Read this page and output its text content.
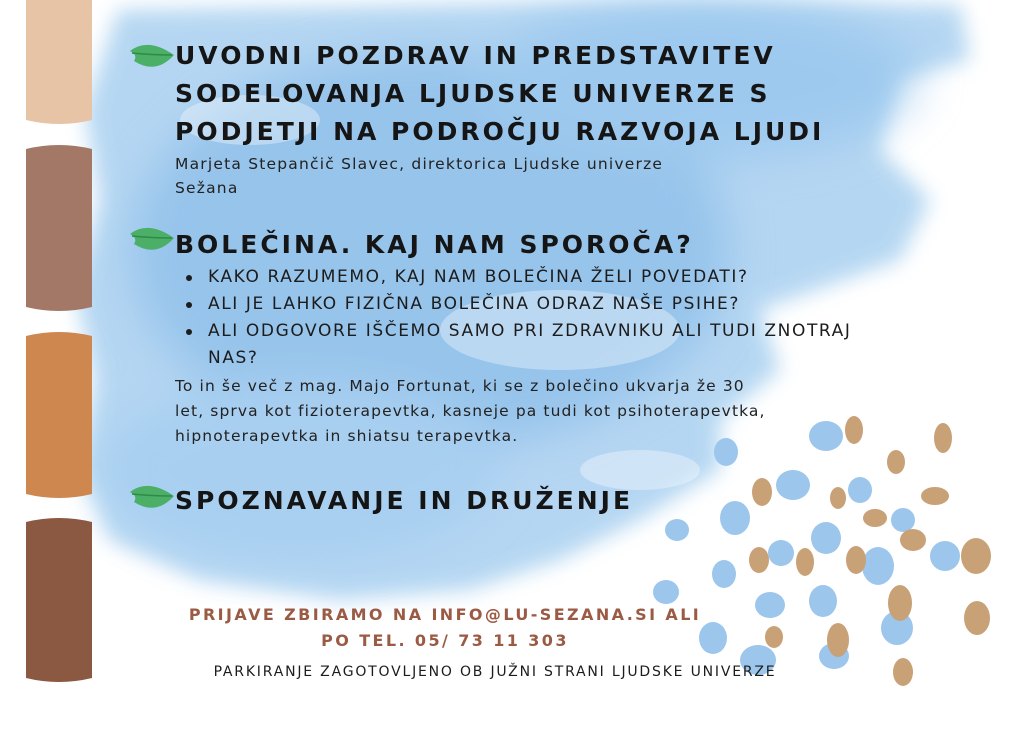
UVODNI POZDRAV IN PREDSTAVITEV
SODELOVANJA LJUDSKE UNIVERZE S
PODJETJI NA PODROČJU RAZVOJA LJUDI

Marjeta Stepančič Slavec, direktorica Ljudske univerze
Sežana

BOLEČINA. KAJ NAM SPOROČA?
KAKO RAZUMEMO, KAJ NAM BOLEČINA ŽELI POVEDATI?
ALI JE LAHKO FIZIČNA BOLEČINA ODRAZ NAŠE PSIHE?
ALI ODGOVORE IŠČEMO SAMO PRI ZDRAVNIKU ALI TUDI ZNOTRAJ NAS?

To in še več z mag. Majo Fortunat, ki se z bolečino ukvarja že 30
let, sprva kot fizioterapevtka, kasneje pa tudi kot psihoterapevtka,
hipnoterapevtka in shiatsu terapevtka.

SPOZNAVANJE IN DRUŽENJE

PRIJAVE ZBIRAMO NA INFO@LU-SEZANA.SI ALI
PO TEL. 05/ 73 11 303

PARKIRANJE ZAGOTOVLJENO OB JUŽNI STRANI LJUDSKE UNIVERZE
